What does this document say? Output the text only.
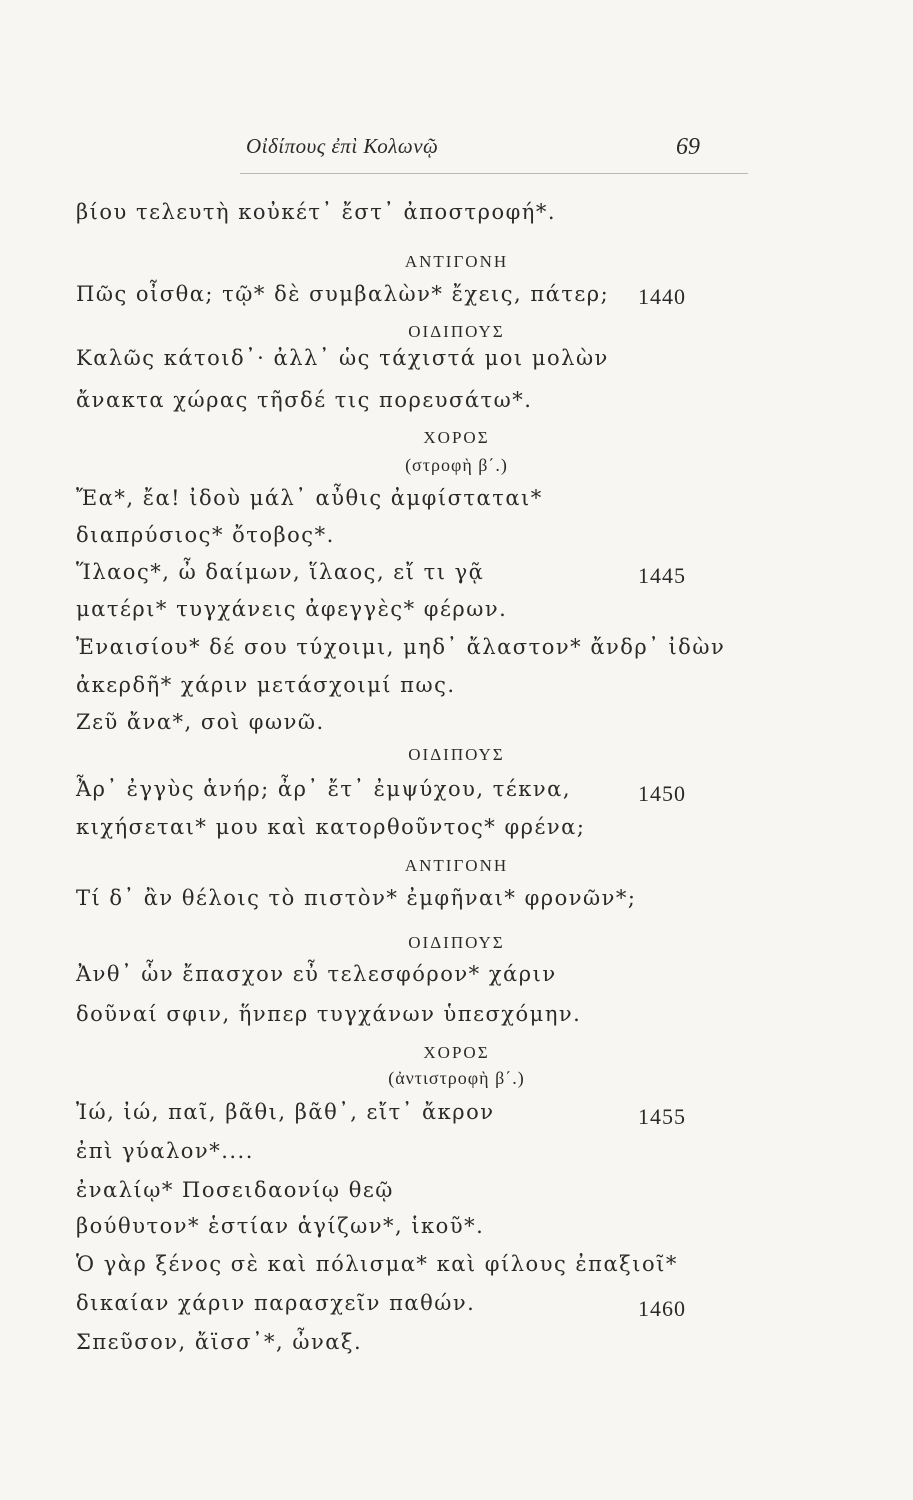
Οἰδίπους ἐπὶ Κολωνῷ	69
βίου τελευτὴ κοὐκέτ᾿ ἔστ᾿ ἀποστροφή*.
ΑΝΤΙΓΟΝΗ
Πῶς οἶσθα; τῷ* δὲ συμβαλὼν* ἔχεις, πάτερ; 1440
ΟΙΔΙΠΟΥΣ
Καλῶς κάτοιδ᾿· ἀλλ᾿ ὡς τάχιστά μοι μολὼν
ἄνακτα χώρας τῆσδέ τις πορευσάτω*.
ΧΟΡΟΣ
(στροφὴ β΄.)
Ἔα*, ἔα! ἰδοὺ μάλ᾿ αὖθις ἀμφίσταται*
διαπρύσιος* ὄτοβος*.
Ἵλαος*, ὦ δαίμων, ἵλαος, εἴ τι γᾷ	1445
ματέρι* τυγχάνεις ἀφεγγὲς* φέρων.
Ἐναισίου* δέ σου τύχοιμι, μηδ᾿ ἄλαστον* ἄνδρ᾿ ἰδὼν
ἀκερδῆ* χάριν μετάσχοιμί πως.
Ζεῦ ἄνα*, σοὶ φωνῶ.
ΟΙΔΙΠΟΥΣ
Ἆρ᾿ ἐγγὺς ἁνήρ; ἆρ᾿ ἔτ᾿ ἐμψύχου, τέκνα,	1450
κιχήσεται* μου καὶ κατορθοῦντος* φρένα;
ΑΝΤΙΓΟΝΗ
Τί δ᾿ ἂν θέλοις τὸ πιστὸν* ἐμφῆναι* φρονῶν*;
ΟΙΔΙΠΟΥΣ
Ἀνθ᾿ ὧν ἔπασχον εὖ τελεσφόρον* χάριν
δοῦναί σφιν, ἥνπερ τυγχάνων ὑπεσχόμην.
ΧΟΡΟΣ
(ἀντιστροφὴ β΄.)
Ἰώ, ἰώ, παῖ, βᾶθι, βᾶθ᾿, εἴτ᾿ ἄκρον	1455
ἐπὶ γύαλον*....
ἐναλίῳ* Ποσειδαονίῳ θεῷ
βούθυτον* ἑστίαν ἁγίζων*, ἱκοῦ*.
Ὁ γὰρ ξένος σὲ καὶ πόλισμα* καὶ φίλους ἐπαξιοῖ*
δικαίαν χάριν παρασχεῖν παθών.	1460
Σπεῦσον, ἄϊσσ᾿*, ὦναξ.
